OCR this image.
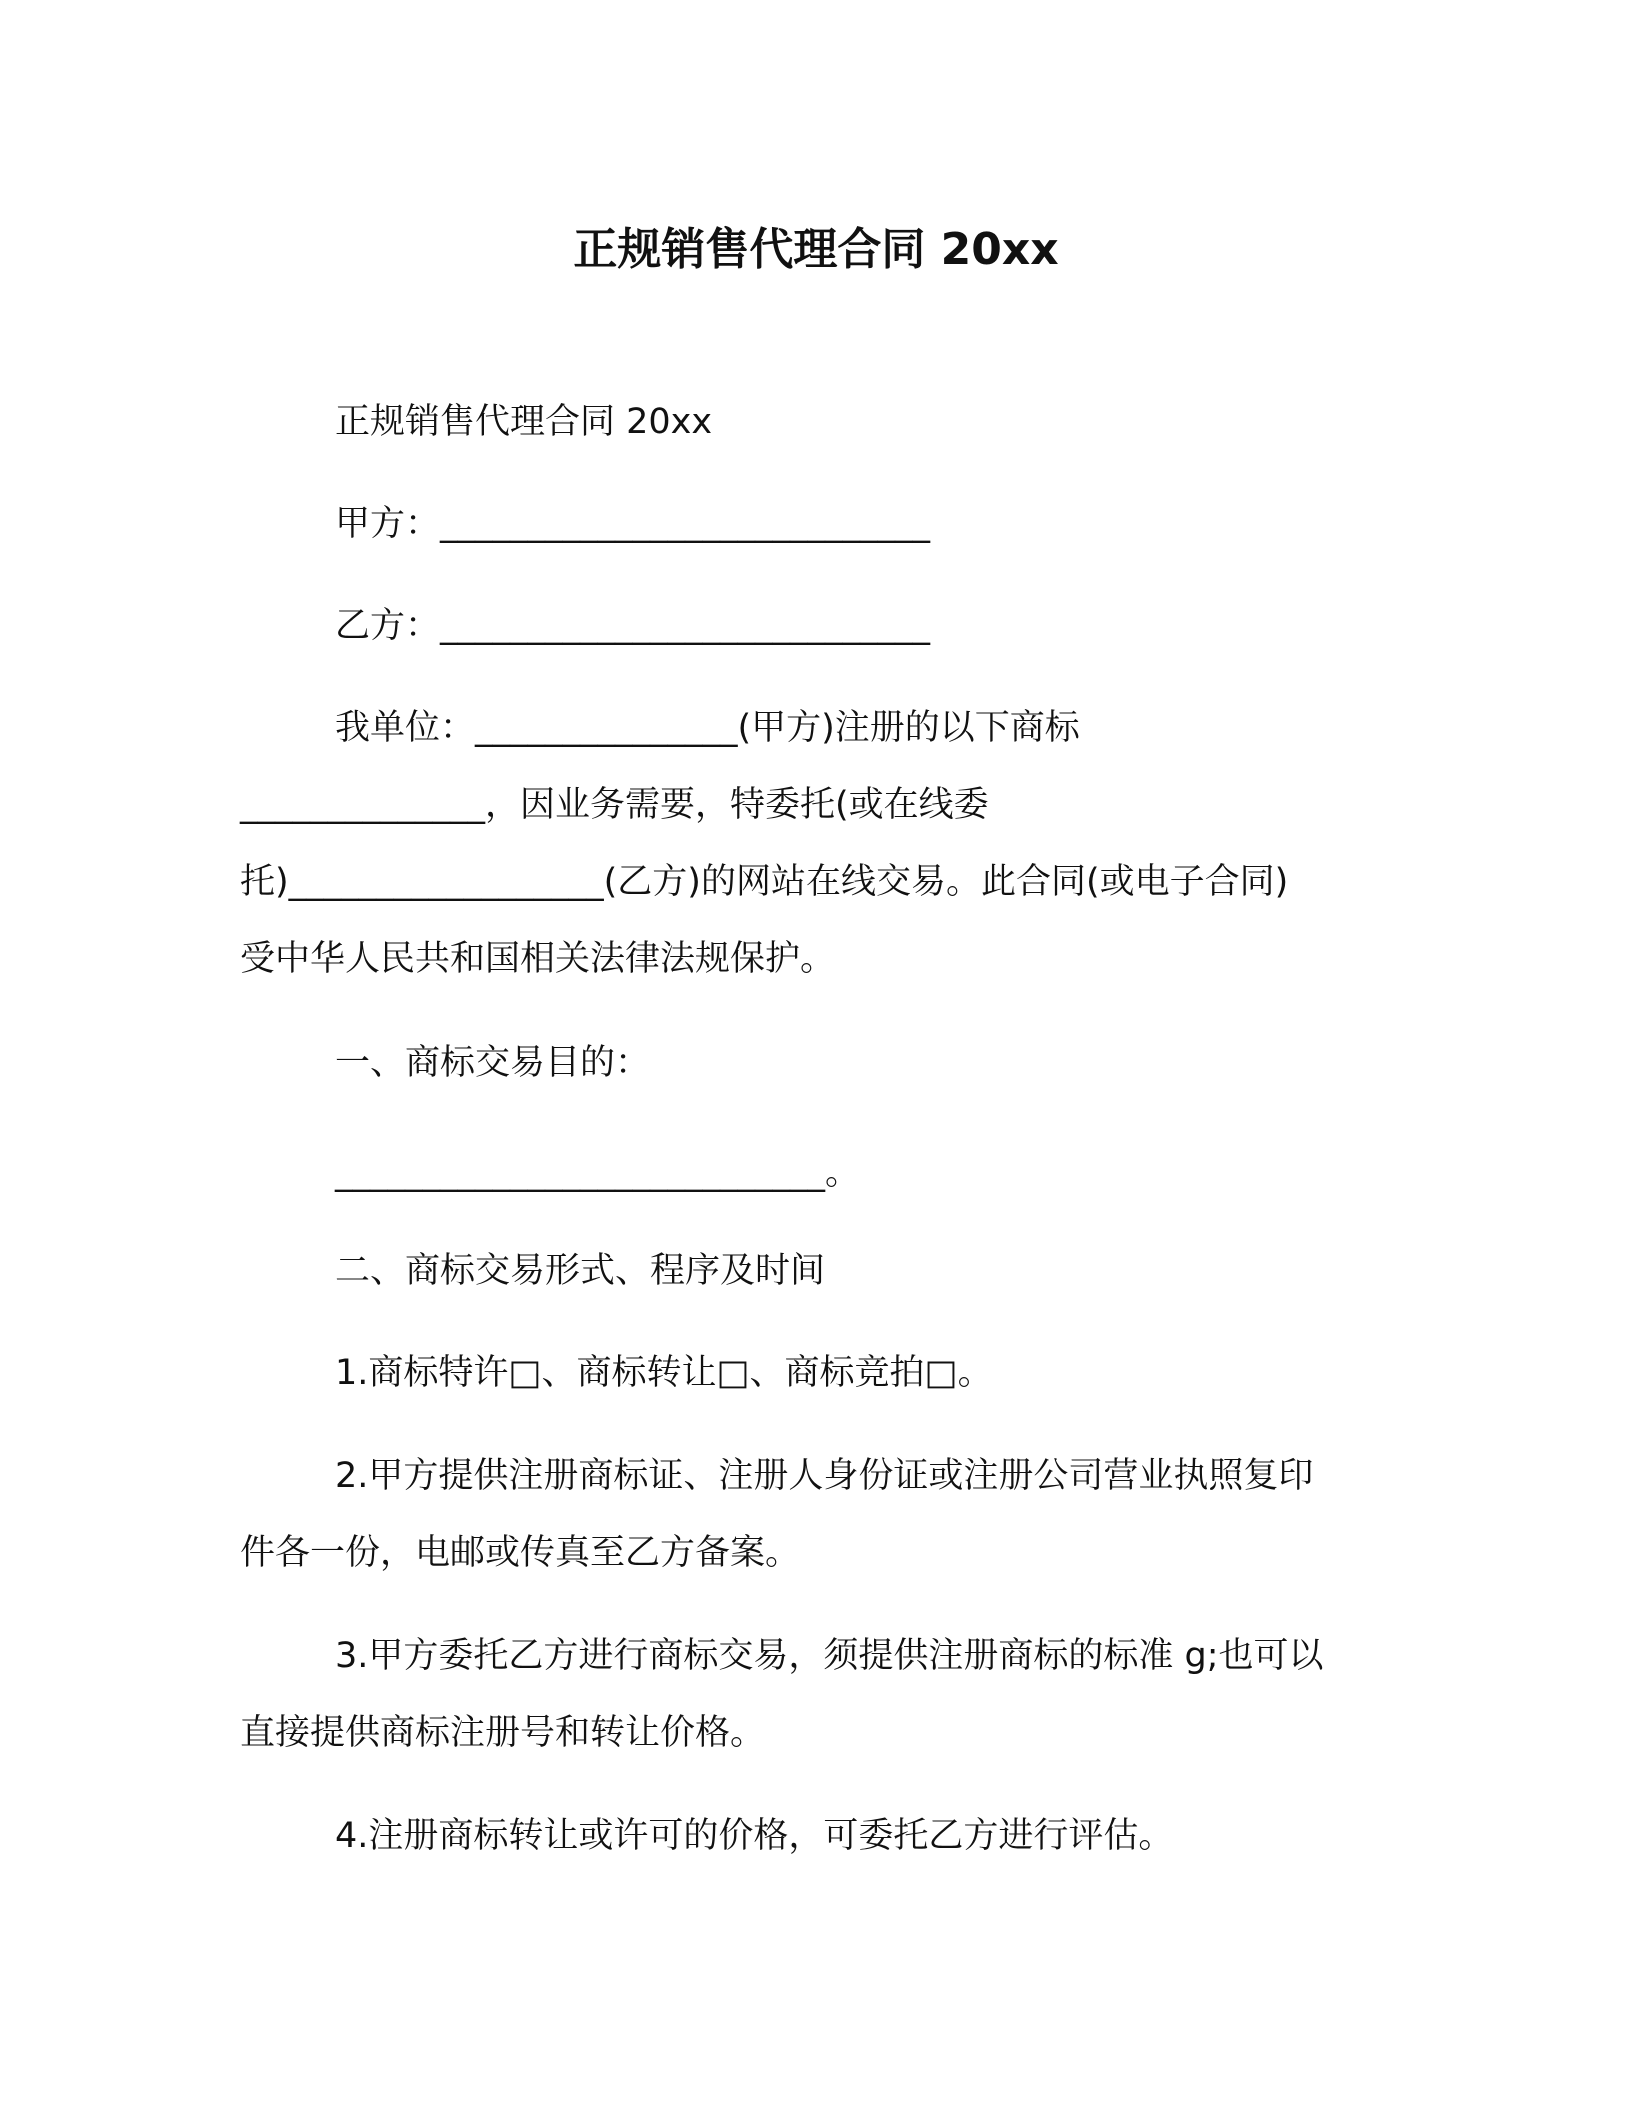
正规销售代理合同 20xx
正规销售代理合同 20xx
甲方：____________________________
乙方：____________________________
我单位：_______________(甲方)注册的以下商标
______________，因业务需要，特委托(或在线委
托)__________________(乙方)的网站在线交易。此合同(或电子合同)
受中华人民共和国相关法律法规保护。
一、商标交易目的：
____________________________。
二、商标交易形式、程序及时间
1.商标特许□、商标转让□、商标竞拍□。
2.甲方提供注册商标证、注册人身份证或注册公司营业执照复印
件各一份，电邮或传真至乙方备案。
3.甲方委托乙方进行商标交易，须提供注册商标的标准 g;也可以
直接提供商标注册号和转让价格。
4.注册商标转让或许可的价格，可委托乙方进行评估。
